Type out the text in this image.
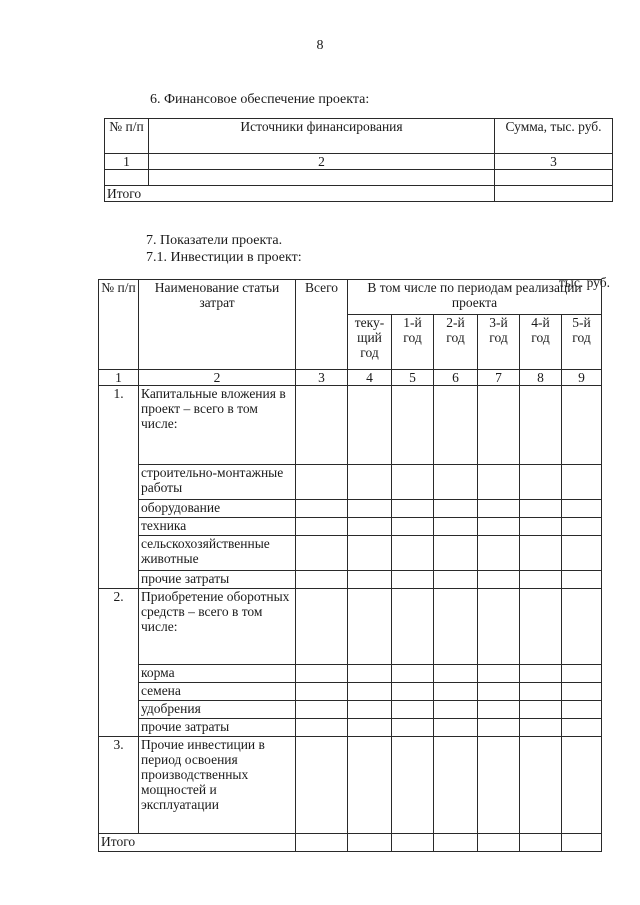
8
6. Финансовое обеспечение проекта:
№ п/п	Источники финансирования	Сумма, тыс. руб.
1	2	3

Итого		
7. Показатели проекта.
7.1. Инвестиции в проект:
тыс. руб.
№ п/п	Наименование статьи затрат	Всего	В том числе по периодам реализации проекта					
			теку-щий год	1-й год	2-й год	3-й год	4-й год	5-й год
1	2	3	4	5	6	7	8	9
1.	Капитальные вложения в проект – всего в том числе:							
	строительно-монтажные работы							
	оборудование							
	техника							
	сельскохозяйственные животные							
	прочие затраты							
2.	Приобретение оборотных средств – всего в том числе:							
	корма							
	семена							
	удобрения							
	прочие затраты							
3.	Прочие инвестиции в период освоения производственных мощностей и эксплуатации							
Итого								
